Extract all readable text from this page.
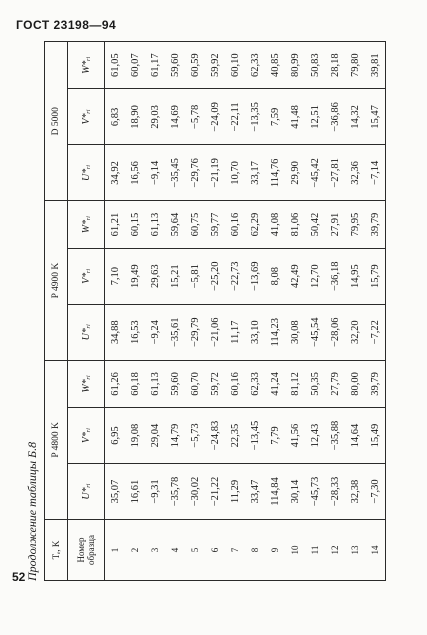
ГОСТ 23198—94
Продолжение таблицы Б.8	Tₑ, K	P 4800 K			P 4900 K			D 5000		
Номер образца	U*ᵣᵢ	V*ᵣᵢ	W*ᵣᵢ	U*ᵣᵢ	V*ᵣᵢ	W*ᵣᵢ	U*ᵣᵢ	V*ᵣᵢ	W*ᵣᵢ
1	35,07	6,95	61,26	34,88	7,10	61,21	34,92	6,83	61,05
2	16,61	19,08	60,18	16,53	19,49	60,15	16,56	18,90	60,07
3	−9,31	29,04	61,13	−9,24	29,63	61,13	−9,14	29,03	61,17
4	−35,78	14,79	59,60	−35,61	15,21	59,64	−35,45	14,69	59,60
5	−30,02	−5,73	60,70	−29,79	−5,81	60,75	−29,76	−5,78	60,59
6	−21,22	−24,83	59,72	−21,06	−25,20	59,77	−21,19	−24,09	59,92
7	11,29	22,35	60,16	11,17	−22,73	60,16	10,70	−22,11	60,10
8	33,47	−13,45	62,33	33,10	−13,69	62,29	33,17	−13,35	62,33
9	114,84	7,79	41,24	114,23	8,08	41,08	114,76	7,59	40,85
10	30,14	41,56	81,12	30,08	42,49	81,06	29,90	41,48	80,99
11	−45,73	12,43	50,35	−45,54	12,70	50,42	−45,42	12,51	50,83
12	−28,33	−35,88	27,79	−28,06	−36,18	27,91	−27,81	−36,86	28,18
13	32,38	14,64	80,00	32,20	14,95	79,95	32,36	14,32	79,80
14	−7,30	15,49	39,79	−7,22	15,79	39,79	−7,14	15,47	39,81
52
